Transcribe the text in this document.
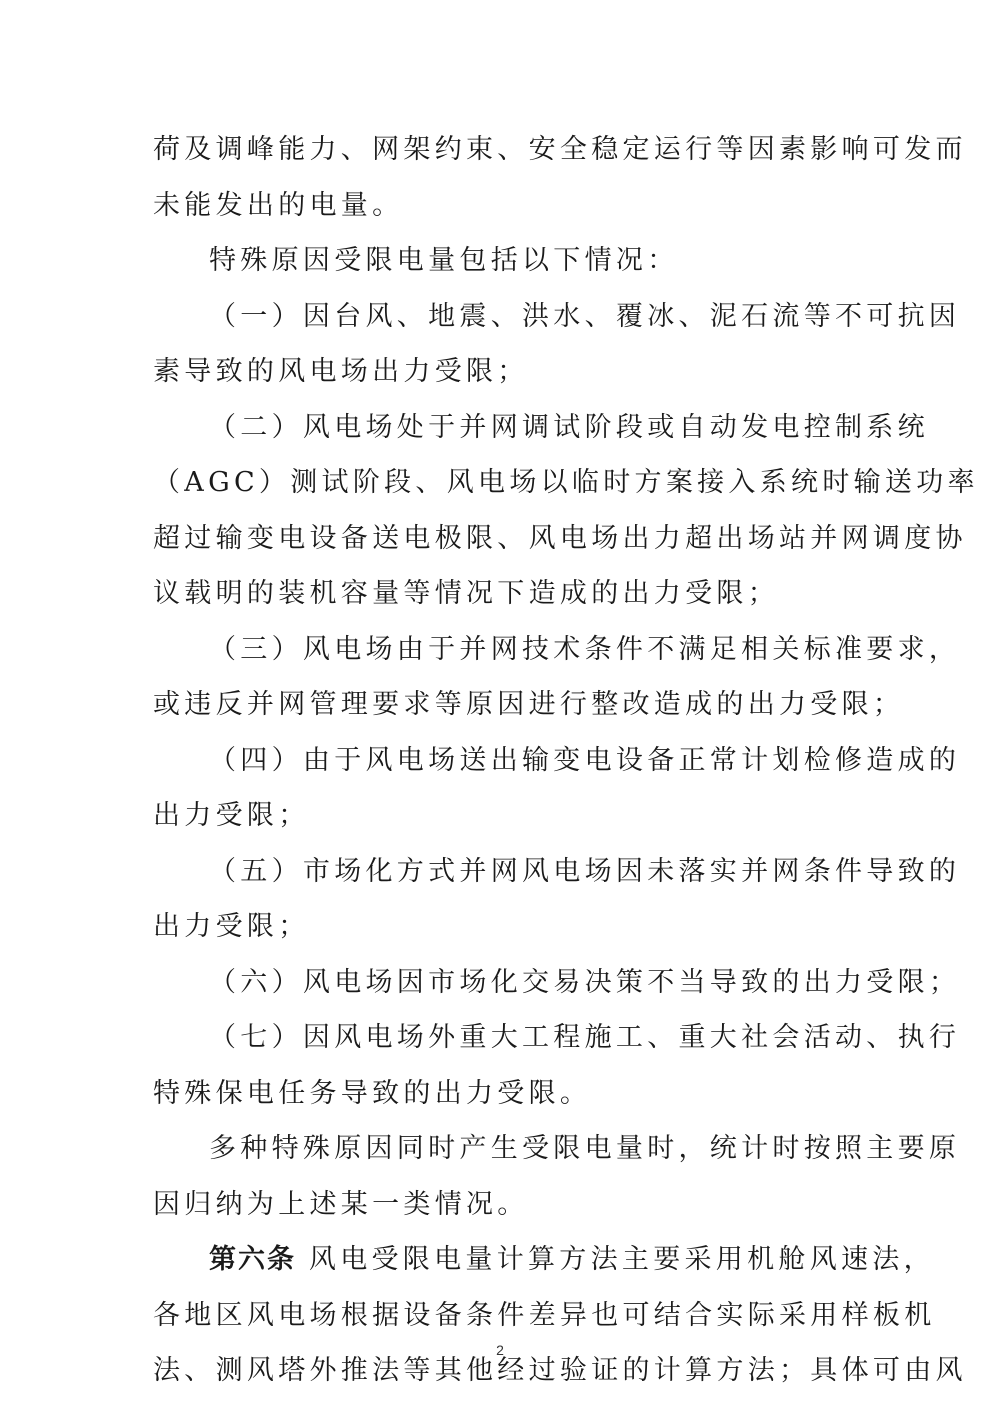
荷及调峰能力、网架约束、安全稳定运行等因素影响可发而
未能发出的电量。
特殊原因受限电量包括以下情况：
（一）因台风、地震、洪水、覆冰、泥石流等不可抗因
素导致的风电场出力受限；
（二）风电场处于并网调试阶段或自动发电控制系统
（AGC）测试阶段、风电场以临时方案接入系统时输送功率
超过输变电设备送电极限、风电场出力超出场站并网调度协
议载明的装机容量等情况下造成的出力受限；
（三）风电场由于并网技术条件不满足相关标准要求，
或违反并网管理要求等原因进行整改造成的出力受限；
（四）由于风电场送出输变电设备正常计划检修造成的
出力受限；
（五）市场化方式并网风电场因未落实并网条件导致的
出力受限；
（六）风电场因市场化交易决策不当导致的出力受限；
（七）因风电场外重大工程施工、重大社会活动、执行
特殊保电任务导致的出力受限。
多种特殊原因同时产生受限电量时，统计时按照主要原
因归纳为上述某一类情况。
第六条 风电受限电量计算方法主要采用机舱风速法，
各地区风电场根据设备条件差异也可结合实际采用样板机
法、测风塔外推法等其他经过验证的计算方法；具体可由风
2
